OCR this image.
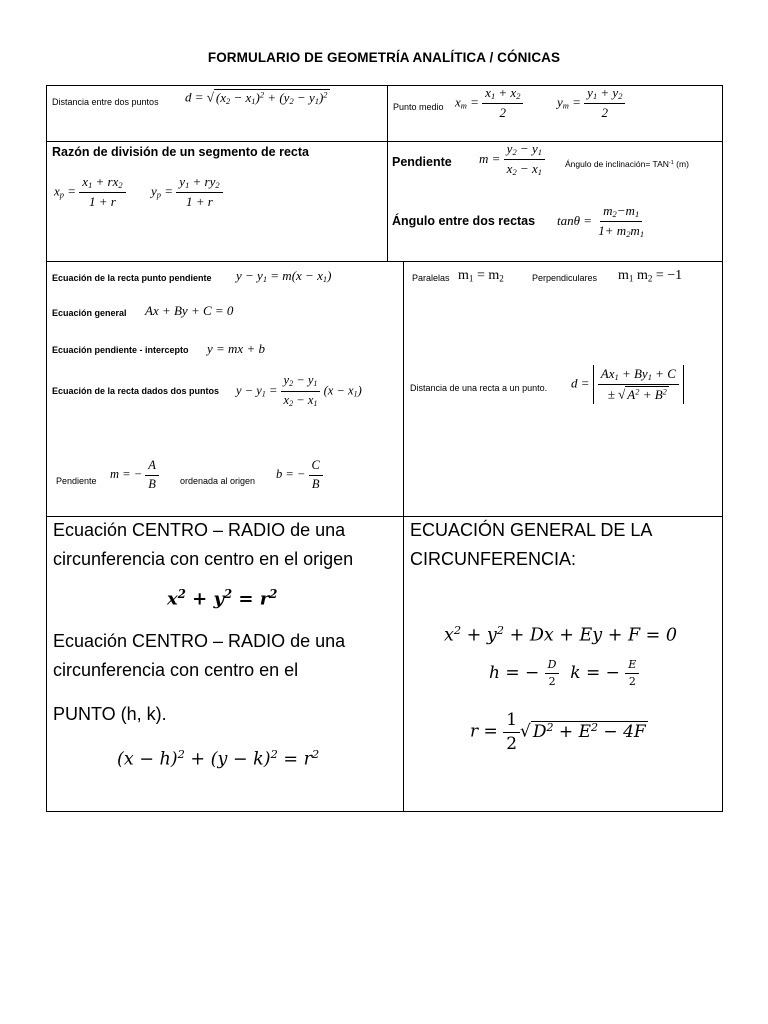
FORMULARIO DE GEOMETRÍA ANALÍTICA / CÓNICAS
Distancia entre dos puntos d = √ $(x_2 - x_1)^2 + (y_2 - y_1)^2$
Punto medio $x_m = \frac{x_1 + x_2}{2}$	$y_m = \frac{y_1 + y_2}{2}$
Razón de división de un segmento de recta
$x_p = \frac{x_1 + rx_2}{1 + r} y_p = \frac{y_1 + ry_2}{1 + r}$
Pendiente $m = \frac{y_2 - y_1}{x_2 - x_1}$ Ángulo de inclinación= $TAN^{-1}$ (m)
Ángulo entre dos rectas $\tan\theta = \frac{m_2-m_1}{1+ m_2m_1}$
Ecuación de la recta punto pendiente $y - y_1 = m(x - x_1)$
Ecuación general Ax + By + C = 0
Ecuación pendiente - intercepto y = mx + b
Ecuación de la recta dados dos puntos $y - y_1 = \frac{y_2 - y_1}{x_2 - x_1} (x - x_1)$
Pendiente m = − $\frac{A}{B}$ ordenada al origen b = − $\frac{C}{B}$
Paralelas $m_1 = m_2$	Perpendiculares $m_1$ $m_2 = -1$
Distancia de una recta a un punto. $d = \frac{Ax_1 + By_1 + C}{\pm √ A^2 + B^2}$
Ecuación CENTRO – RADIO de una
circunferencia con centro en el origen
$x^2 + y^2 = r^2$
Ecuación CENTRO – RADIO de una
circunferencia con centro en el
PUNTO (h, k).
$(x - h)^2 + (y - k)^2 = r^2$
ECUACIÓN GENERAL DE LA
CIRCUNFERENCIA:
$x^2 + y^2 + Dx + Ey + F = 0$
h = − $\frac{D}{2}$ k = − $\frac{E}{2}$
$r = \frac{1}{2}$ √ $D^2 + E^2 - 4F$
